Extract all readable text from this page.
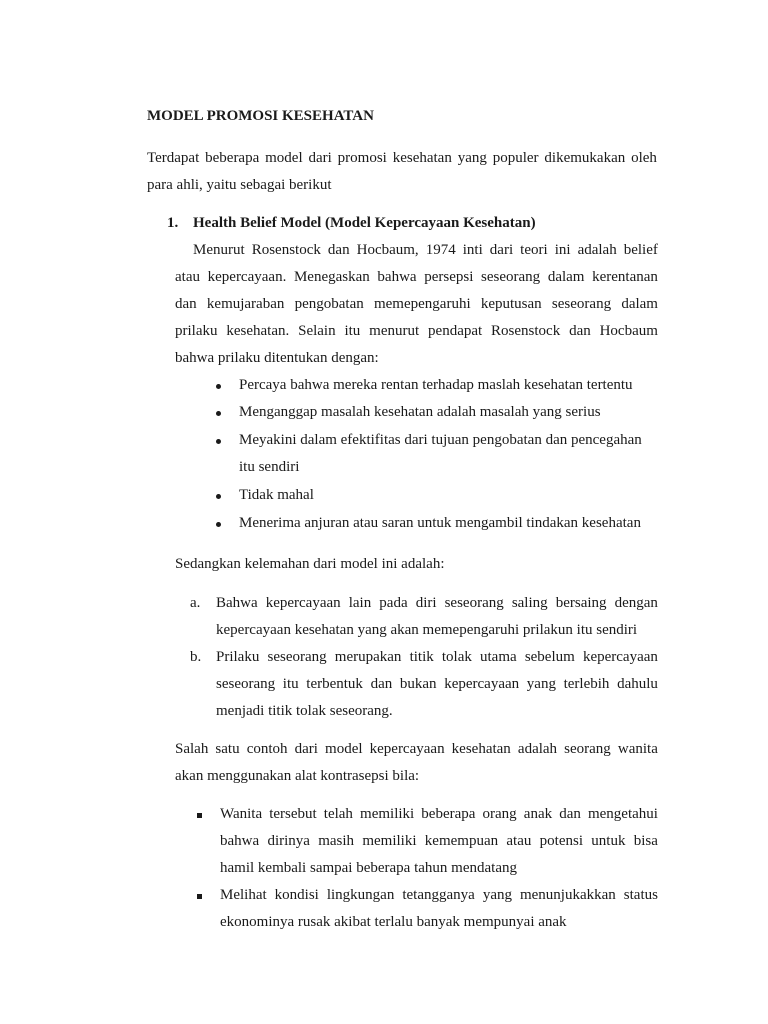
MODEL PROMOSI KESEHATAN
Terdapat beberapa model dari promosi kesehatan yang populer dikemukakan oleh
para ahli, yaitu sebagai berikut
1. Health Belief Model (Model Kepercayaan Kesehatan)
Menurut Rosenstock dan Hocbaum, 1974 inti dari teori ini adalah belief
atau kepercayaan. Menegaskan bahwa persepsi seseorang dalam kerentanan
dan kemujaraban pengobatan memepengaruhi keputusan seseorang dalam
prilaku kesehatan. Selain itu menurut pendapat Rosenstock dan Hocbaum
bahwa prilaku ditentukan dengan:
Percaya bahwa mereka rentan terhadap maslah kesehatan tertentu
Menganggap masalah kesehatan adalah masalah yang serius
Meyakini dalam efektifitas dari tujuan pengobatan dan pencegahan
itu sendiri
Tidak mahal
Menerima anjuran atau saran untuk mengambil tindakan kesehatan
Sedangkan kelemahan dari model ini adalah:
a. Bahwa kepercayaan lain pada diri seseorang saling bersaing dengan
kepercayaan kesehatan yang akan memepengaruhi prilakun itu sendiri
b. Prilaku seseorang merupakan titik tolak utama sebelum kepercayaan
seseorang itu terbentuk dan bukan kepercayaan yang terlebih dahulu
menjadi titik tolak seseorang.
Salah satu contoh dari model kepercayaan kesehatan adalah seorang wanita
akan menggunakan alat kontrasepsi bila:
Wanita tersebut telah memiliki beberapa orang anak dan mengetahui
bahwa dirinya masih memiliki kemempuan atau potensi untuk bisa
hamil kembali sampai beberapa tahun mendatang
Melihat kondisi lingkungan tetangganya yang menunjukakkan status
ekonominya rusak akibat terlalu banyak mempunyai anak
